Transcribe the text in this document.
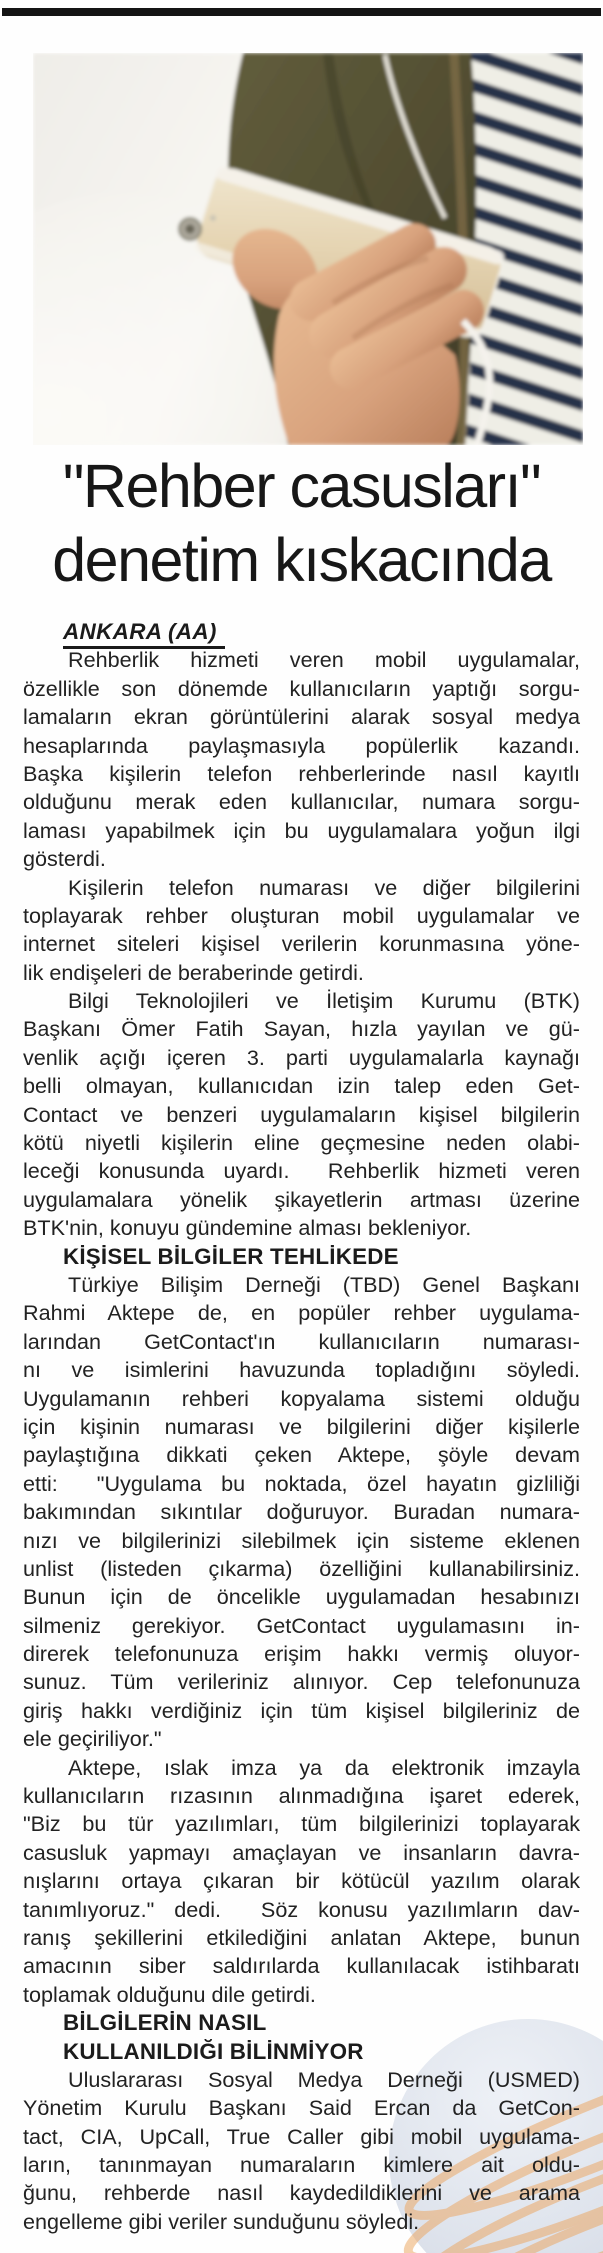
"Rehber casusları"
denetim kıskacında
ANKARA (AA)
Rehberlik hizmeti veren mobil uygulamalar,
özellikle son dönemde kullanıcıların yaptığı sorgu-
lamaların ekran görüntülerini alarak sosyal medya
hesaplarında paylaşmasıyla popülerlik kazandı.
Başka kişilerin telefon rehberlerinde nasıl kayıtlı
olduğunu merak eden kullanıcılar, numara sorgu-
laması yapabilmek için bu uygulamalara yoğun ilgi
gösterdi.
Kişilerin telefon numarası ve diğer bilgilerini
toplayarak rehber oluşturan mobil uygulamalar ve
internet siteleri kişisel verilerin korunmasına yöne-
lik endişeleri de beraberinde getirdi.
Bilgi Teknolojileri ve İletişim Kurumu (BTK)
Başkanı Ömer Fatih Sayan, hızla yayılan ve gü-
venlik açığı içeren 3. parti uygulamalarla kaynağı
belli olmayan, kullanıcıdan izin talep eden Get-
Contact ve benzeri uygulamaların kişisel bilgilerin
kötü niyetli kişilerin eline geçmesine neden olabi-
leceği konusunda uyardı.  Rehberlik hizmeti veren
uygulamalara yönelik şikayetlerin artması üzerine
BTK'nin, konuyu gündemine alması bekleniyor.
KİŞİSEL BİLGİLER TEHLİKEDE
Türkiye Bilişim Derneği (TBD) Genel Başkanı
Rahmi Aktepe de, en popüler rehber uygulama-
larından GetContact'ın kullanıcıların numarası-
nı ve isimlerini havuzunda topladığını söyledi.
Uygulamanın rehberi kopyalama sistemi olduğu
için kişinin numarası ve bilgilerini diğer kişilerle
paylaştığına dikkati çeken Aktepe, şöyle devam
etti:  "Uygulama bu noktada, özel hayatın gizliliği
bakımından sıkıntılar doğuruyor. Buradan numara-
nızı ve bilgilerinizi silebilmek için sisteme eklenen
unlist (listeden çıkarma) özelliğini kullanabilirsiniz.
Bunun için de öncelikle uygulamadan hesabınızı
silmeniz gerekiyor. GetContact uygulamasını in-
direrek telefonunuza erişim hakkı vermiş oluyor-
sunuz. Tüm verileriniz alınıyor. Cep telefonunuza
giriş hakkı verdiğiniz için tüm kişisel bilgileriniz de
ele geçiriliyor."
Aktepe, ıslak imza ya da elektronik imzayla
kullanıcıların rızasının alınmadığına işaret ederek,
"Biz bu tür yazılımları, tüm bilgilerinizi toplayarak
casusluk yapmayı amaçlayan ve insanların davra-
nışlarını ortaya çıkaran bir kötücül yazılım olarak
tanımlıyoruz." dedi.  Söz konusu yazılımların dav-
ranış şekillerini etkilediğini anlatan Aktepe, bunun
amacının siber saldırılarda kullanılacak istihbaratı
toplamak olduğunu dile getirdi.
BİLGİLERİN NASIL
KULLANILDIĞI BİLİNMİYOR
Uluslararası Sosyal Medya Derneği (USMED)
Yönetim Kurulu Başkanı Said Ercan da GetCon-
tact, CIA, UpCall, True Caller gibi mobil uygulama-
ların, tanınmayan numaraların kimlere ait oldu-
ğunu, rehberde nasıl kaydedildiklerini ve arama
engelleme gibi veriler sunduğunu söyledi.
